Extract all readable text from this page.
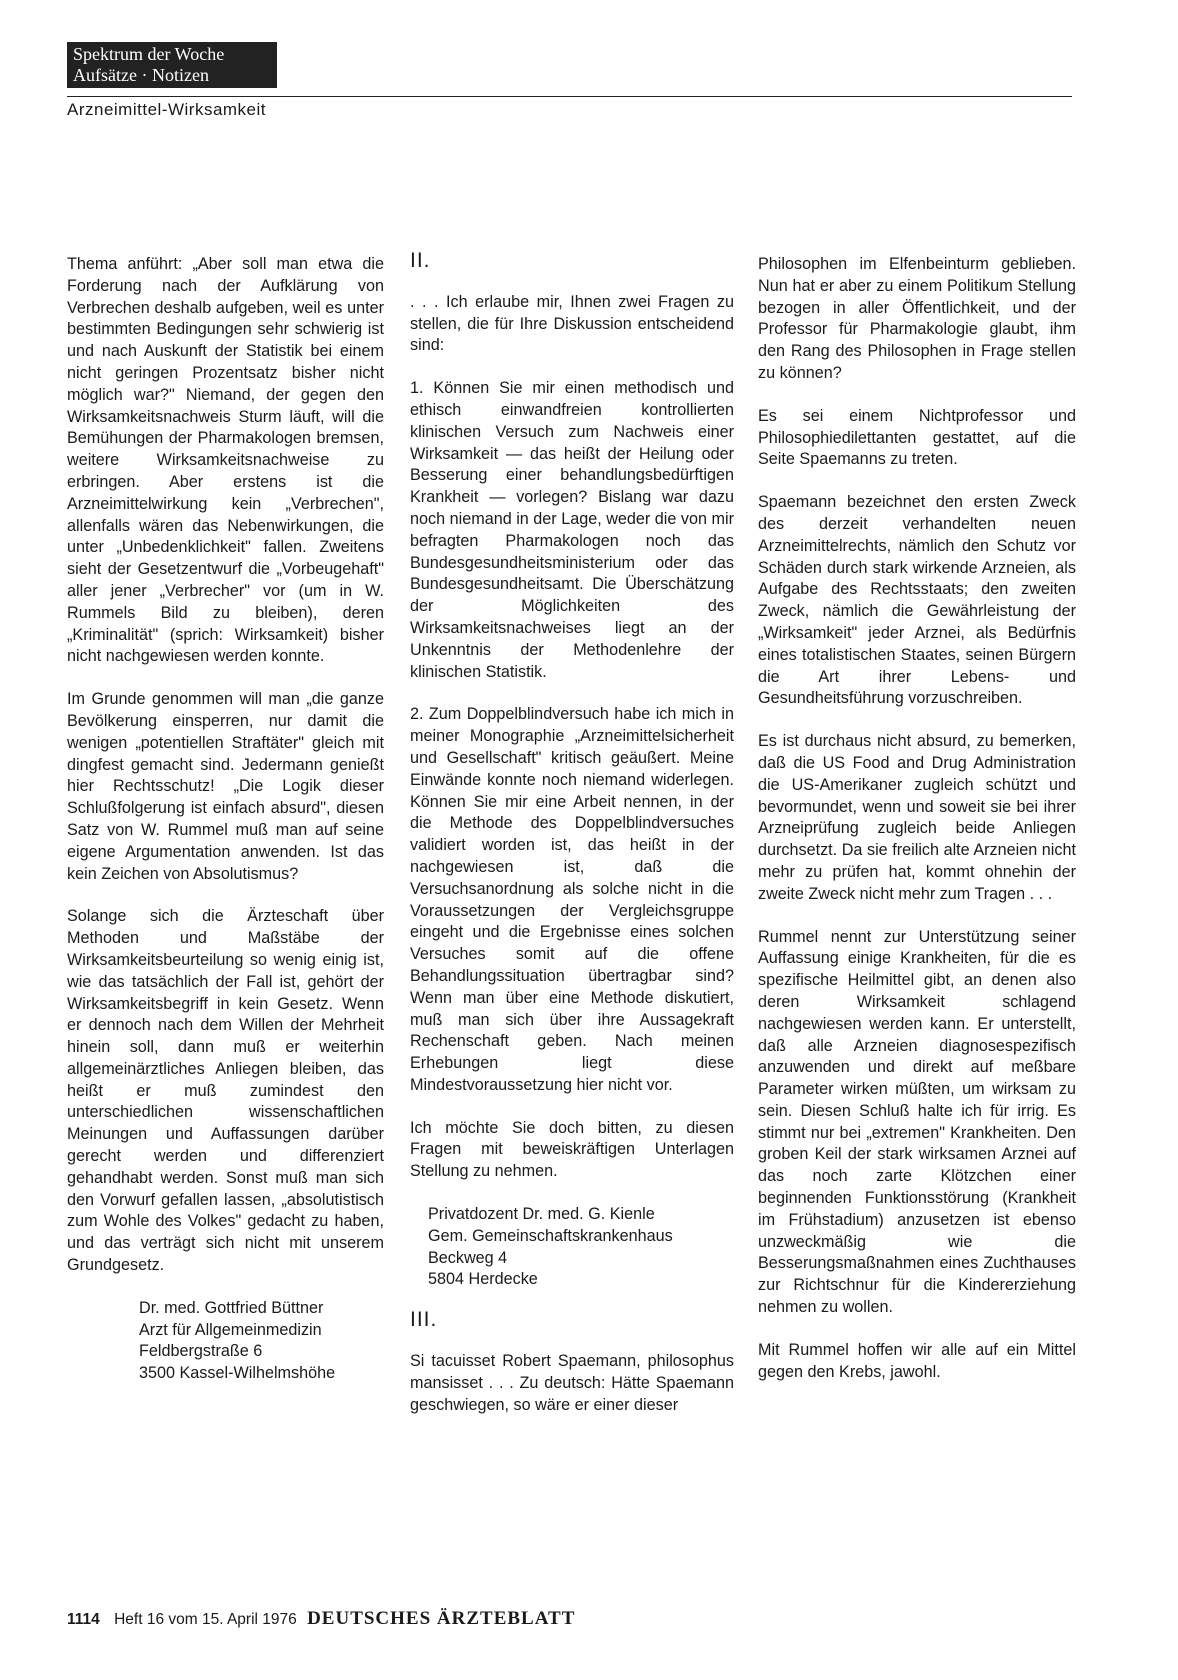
Spektrum der Woche
Aufsätze · Notizen
Arzneimittel-Wirksamkeit

Thema anführt: „Aber soll man etwa die Forderung nach der Aufklärung von Verbrechen deshalb aufgeben, weil es unter bestimmten Bedingungen sehr schwierig ist und nach Auskunft der Statistik bei einem nicht geringen Prozentsatz bisher nicht möglich war?" Niemand, der gegen den Wirksamkeitsnachweis Sturm läuft, will die Bemühungen der Pharmakologen bremsen, weitere Wirksamkeitsnachweise zu erbringen. Aber erstens ist die Arzneimittelwirkung kein „Verbrechen", allenfalls wären das Nebenwirkungen, die unter „Unbedenklichkeit" fallen. Zweitens sieht der Gesetzentwurf die „Vorbeugehaft" aller jener „Verbrecher" vor (um in W. Rummels Bild zu bleiben), deren „Kriminalität" (sprich: Wirksamkeit) bisher nicht nachgewiesen werden konnte.

Im Grunde genommen will man „die ganze Bevölkerung einsperren, nur damit die wenigen „potentiellen Straftäter" gleich mit dingfest gemacht sind. Jedermann genießt hier Rechtsschutz! „Die Logik dieser Schlußfolgerung ist einfach absurd", diesen Satz von W. Rummel muß man auf seine eigene Argumentation anwenden. Ist das kein Zeichen von Absolutismus?

Solange sich die Ärzteschaft über Methoden und Maßstäbe der Wirksamkeitsbeurteilung so wenig einig ist, wie das tatsächlich der Fall ist, gehört der Wirksamkeitsbegriff in kein Gesetz. Wenn er dennoch nach dem Willen der Mehrheit hinein soll, dann muß er weiterhin allgemeinärztliches Anliegen bleiben, das heißt er muß zumindest den unterschiedlichen wissenschaftlichen Meinungen und Auffassungen darüber gerecht werden und differenziert gehandhabt werden. Sonst muß man sich den Vorwurf gefallen lassen, „absolutistisch zum Wohle des Volkes" gedacht zu haben, und das verträgt sich nicht mit unserem Grundgesetz.

Dr. med. Gottfried Büttner
Arzt für Allgemeinmedizin
Feldbergstraße 6
3500 Kassel-Wilhelmshöhe

II.

. . . Ich erlaube mir, Ihnen zwei Fragen zu stellen, die für Ihre Diskussion entscheidend sind:

1. Können Sie mir einen methodisch und ethisch einwandfreien kontrollierten klinischen Versuch zum Nachweis einer Wirksamkeit — das heißt der Heilung oder Besserung einer behandlungsbedürftigen Krankheit — vorlegen? Bislang war dazu noch niemand in der Lage, weder die von mir befragten Pharmakologen noch das Bundesgesundheitsministerium oder das Bundesgesundheitsamt. Die Überschätzung der Möglichkeiten des Wirksamkeitsnachweises liegt an der Unkenntnis der Methodenlehre der klinischen Statistik.

2. Zum Doppelblindversuch habe ich mich in meiner Monographie „Arzneimittelsicherheit und Gesellschaft" kritisch geäußert. Meine Einwände konnte noch niemand widerlegen. Können Sie mir eine Arbeit nennen, in der die Methode des Doppelblindversuches validiert worden ist, das heißt in der nachgewiesen ist, daß die Versuchsanordnung als solche nicht in die Voraussetzungen der Vergleichsgruppe eingeht und die Ergebnisse eines solchen Versuches somit auf die offene Behandlungssituation übertragbar sind? Wenn man über eine Methode diskutiert, muß man sich über ihre Aussagekraft Rechenschaft geben. Nach meinen Erhebungen liegt diese Mindestvoraussetzung hier nicht vor.

Ich möchte Sie doch bitten, zu diesen Fragen mit beweiskräftigen Unterlagen Stellung zu nehmen.

Privatdozent Dr. med. G. Kienle
Gem. Gemeinschaftskrankenhaus
Beckweg 4
5804 Herdecke

III.

Si tacuisset Robert Spaemann, philosophus mansisset . . . Zu deutsch: Hätte Spaemann geschwiegen, so wäre er einer dieser

Philosophen im Elfenbeinturm geblieben. Nun hat er aber zu einem Politikum Stellung bezogen in aller Öffentlichkeit, und der Professor für Pharmakologie glaubt, ihm den Rang des Philosophen in Frage stellen zu können?

Es sei einem Nichtprofessor und Philosophiedilettanten gestattet, auf die Seite Spaemanns zu treten.

Spaemann bezeichnet den ersten Zweck des derzeit verhandelten neuen Arzneimittelrechts, nämlich den Schutz vor Schäden durch stark wirkende Arzneien, als Aufgabe des Rechtsstaats; den zweiten Zweck, nämlich die Gewährleistung der „Wirksamkeit" jeder Arznei, als Bedürfnis eines totalistischen Staates, seinen Bürgern die Art ihrer Lebens- und Gesundheitsführung vorzuschreiben.

Es ist durchaus nicht absurd, zu bemerken, daß die US Food and Drug Administration die US-Amerikaner zugleich schützt und bevormundet, wenn und soweit sie bei ihrer Arzneiprüfung zugleich beide Anliegen durchsetzt. Da sie freilich alte Arzneien nicht mehr zu prüfen hat, kommt ohnehin der zweite Zweck nicht mehr zum Tragen . . .

Rummel nennt zur Unterstützung seiner Auffassung einige Krankheiten, für die es spezifische Heilmittel gibt, an denen also deren Wirksamkeit schlagend nachgewiesen werden kann. Er unterstellt, daß alle Arzneien diagnosespezifisch anzuwenden und direkt auf meßbare Parameter wirken müßten, um wirksam zu sein. Diesen Schluß halte ich für irrig. Es stimmt nur bei „extremen" Krankheiten. Den groben Keil der stark wirksamen Arznei auf das noch zarte Klötzchen einer beginnenden Funktionsstörung (Krankheit im Frühstadium) anzusetzen ist ebenso unzweckmäßig wie die Besserungsmaßnahmen eines Zuchthauses zur Richtschnur für die Kindererziehung nehmen zu wollen.

Mit Rummel hoffen wir alle auf ein Mittel gegen den Krebs, jawohl.

1114 Heft 16 vom 15. April 1976 DEUTSCHES ÄRZTEBLATT
